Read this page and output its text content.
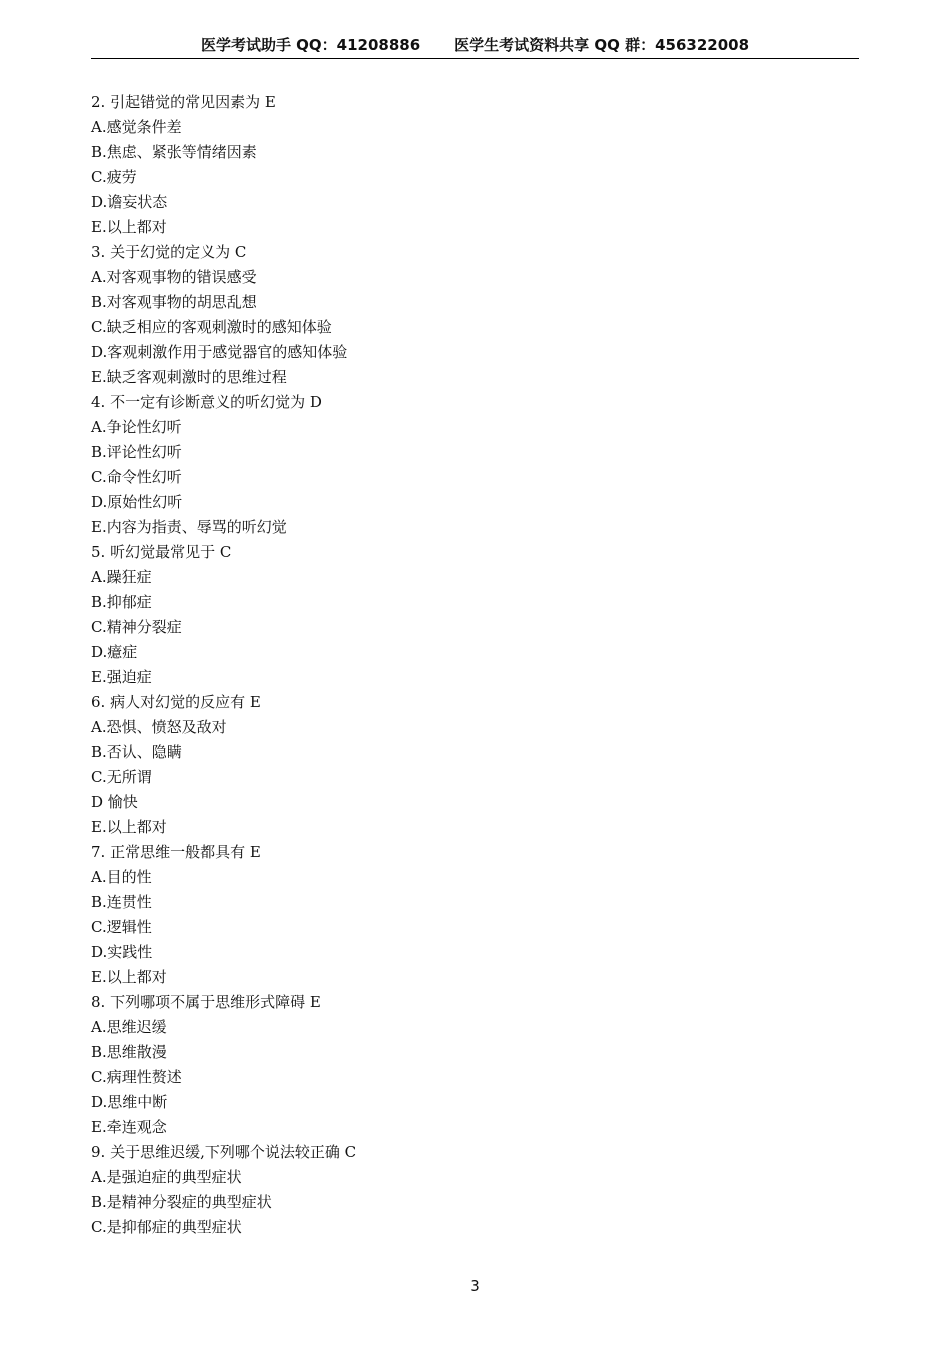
医学考试助手 QQ：41208886 医学生考试资料共享 QQ 群：456322008
2. 引起错觉的常见因素为 E
A.感觉条件差
B.焦虑、紧张等情绪因素
C.疲劳
D.谵妄状态
E.以上都对
3. 关于幻觉的定义为 C
A.对客观事物的错误感受
B.对客观事物的胡思乱想
C.缺乏相应的客观刺激时的感知体验
D.客观刺激作用于感觉器官的感知体验
E.缺乏客观刺激时的思维过程
4. 不一定有诊断意义的听幻觉为 D
A.争论性幻听
B.评论性幻听
C.命令性幻听
D.原始性幻听
E.内容为指责、辱骂的听幻觉
5. 听幻觉最常见于 C
A.躁狂症
B.抑郁症
C.精神分裂症
D.癔症
E.强迫症
6. 病人对幻觉的反应有 E
A.恐惧、愤怒及敌对
B.否认、隐瞒
C.无所谓
D 愉快
E.以上都对
7. 正常思维一般都具有 E
A.目的性
B.连贯性
C.逻辑性
D.实践性
E.以上都对
8. 下列哪项不属于思维形式障碍 E
A.思维迟缓
B.思维散漫
C.病理性赘述
D.思维中断
E.牵连观念
9. 关于思维迟缓,下列哪个说法较正确 C
A.是强迫症的典型症状
B.是精神分裂症的典型症状
C.是抑郁症的典型症状
3
